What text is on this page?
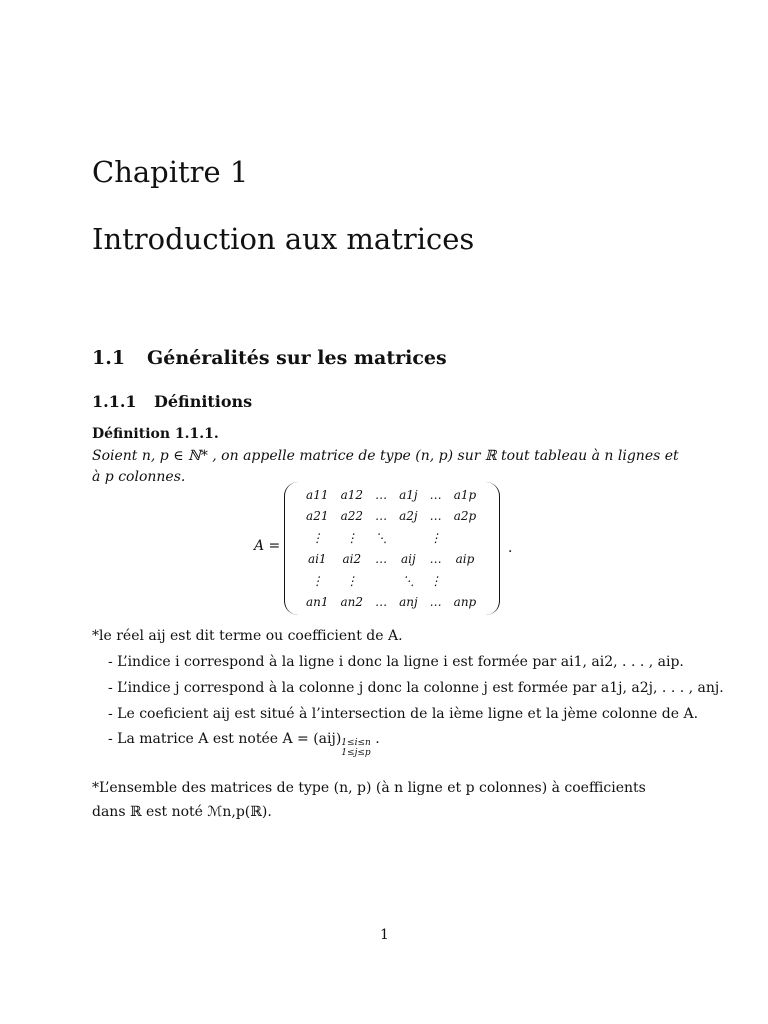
Chapitre 1
Introduction aux matrices
1.1 Généralités sur les matrices
1.1.1 Définitions
Définition 1.1.1.
Soient n, p ∈ ℕ* , on appelle matrice de type (n, p) sur ℝ tout tableau à n lignes et à p colonnes.
A =
a11	a12	…	a1j	…	a1p
a21	a22	…	a2j	…	a2p
⋮	⋮	⋱		⋮	
ai1	ai2	…	aij	…	aip
⋮	⋮		⋱	⋮	
an1	an2	…	anj	…	anp
.
*le réel aij est dit terme ou coefficient de A.
- L’indice i correspond à la ligne i donc la ligne i est formée par ai1, ai2, . . . , aip.
- L’indice j correspond à la colonne j donc la colonne j est formée par a1j, a2j, . . . , anj.
- Le coeficient aij est situé à l’intersection de la ième ligne et la jème colonne de A.
- La matrice A est notée A = (aij)1≤i≤n
1≤j≤p .
*L’ensemble des matrices de type (n, p) (à n ligne et p colonnes) à coefficients dans ℝ est noté ℳn,p(ℝ).
1
